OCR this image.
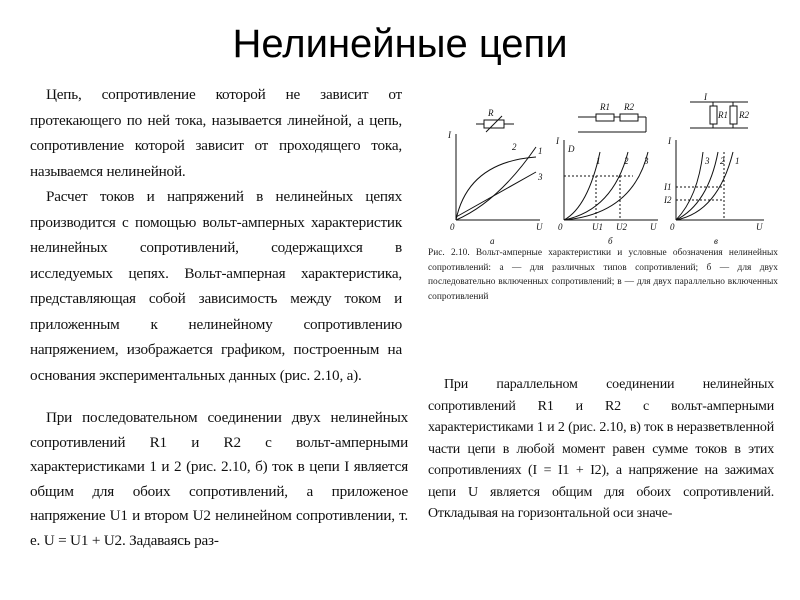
Нелинейные цепи

Цепь, сопротивление которой не зависит от протекающего по ней тока, называется линейной, а цепь, сопротивление которой зависит от проходящего тока, называемся нелинейной.

Расчет токов и напряжений в нелинейных цепях производится с помощью вольт-амперных характеристик нелинейных сопротивлений, содержащихся в исследуемых цепях. Вольт-амперная характеристика, представляющая собой зависимость между током и приложенным к нелинейному сопротивлению напряжением, изображается графиком, построенным на основания экспериментальных данных (рис. 2.10, а).

При последовательном соединении двух нелинейных сопротивлений R1 и R2 с вольт-амперными характеристиками 1 и 2 (рис. 2.10, б) ток в цепи I является общим для обоих сопротивлений, а приложеное напряжение U1 и втором U2 нелинейном сопротивлении, т. е. U = U1 + U2. Задаваясь раз-

I
U
0
1
2
3
R
а
I
U
0
R1 R2
U1 U2
D
1	2 3
б
I
U
0
I
R1 R2
I1
I2
1
2
3
в
Рис. 2.10. Вольт-амперные характеристики и условные обозначения нелинейных сопротивлений: а — для различных типов сопротивлений; б — для двух последовательно включенных сопротивлений; в — для двух параллельно включенных сопротивлений

При параллельном соединении нелинейных сопротивлений R1 и R2 с вольт-амперными характеристиками 1 и 2 (рис. 2.10, в) ток в неразветвленной части цепи в любой момент равен сумме токов в этих сопротивлениях (I = I1 + I2), а напряжение на зажимах цепи U является общим для обоих сопротивлений. Откладывая на горизонтальной оси значе-
